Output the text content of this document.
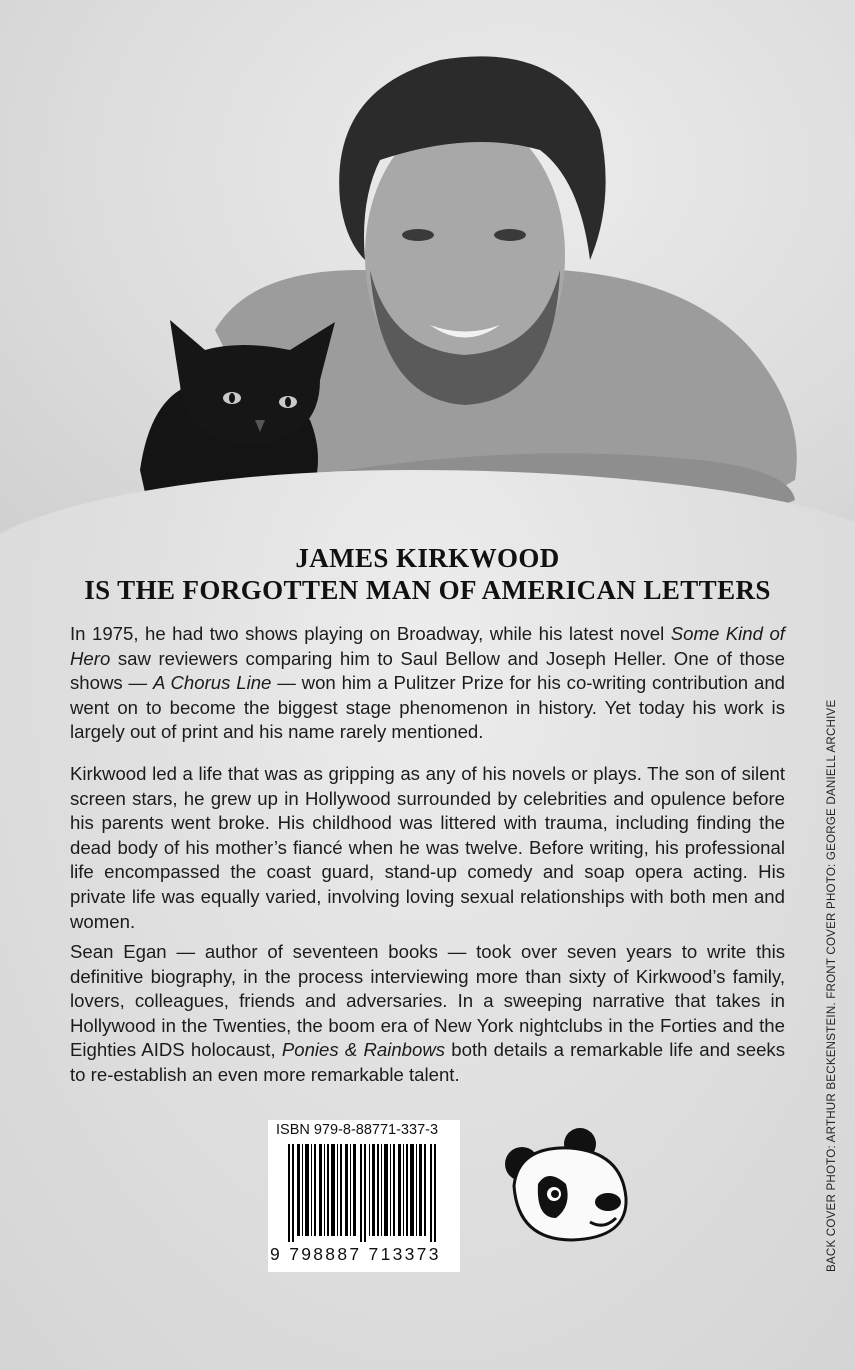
JAMES KIRKWOOD
IS THE FORGOTTEN MAN OF AMERICAN LETTERS

In 1975, he had two shows playing on Broadway, while his latest novel Some Kind of Hero saw reviewers comparing him to Saul Bellow and Joseph Heller. One of those shows — A Chorus Line — won him a Pulitzer Prize for his co-writing contribution and went on to become the biggest stage phenomenon in history. Yet today his work is largely out of print and his name rarely mentioned.

Kirkwood led a life that was as gripping as any of his novels or plays. The son of silent screen stars, he grew up in Hollywood surrounded by celebrities and opulence before his parents went broke. His childhood was littered with trauma, including finding the dead body of his mother’s fiancé when he was twelve. Before writing, his professional life encompassed the coast guard, stand-up comedy and soap opera acting. His private life was equally varied, involving loving sexual relationships with both men and women.

Sean Egan — author of seventeen books — took over seven years to write this definitive biography, in the process interviewing more than sixty of Kirkwood’s family, lovers, colleagues, friends and adversaries. In a sweeping narrative that takes in Hollywood in the Twenties, the boom era of New York nightclubs in the Forties and the Eighties AIDS holocaust, Ponies & Rainbows both details a remarkable life and seeks to re-establish an even more remarkable talent.

ISBN 979-8-88771-337-3
9 798887 713373	BACK COVER PHOTO: ARTHUR BECKENSTEIN. FRONT COVER PHOTO: GEORGE DANIELL ARCHIVE
